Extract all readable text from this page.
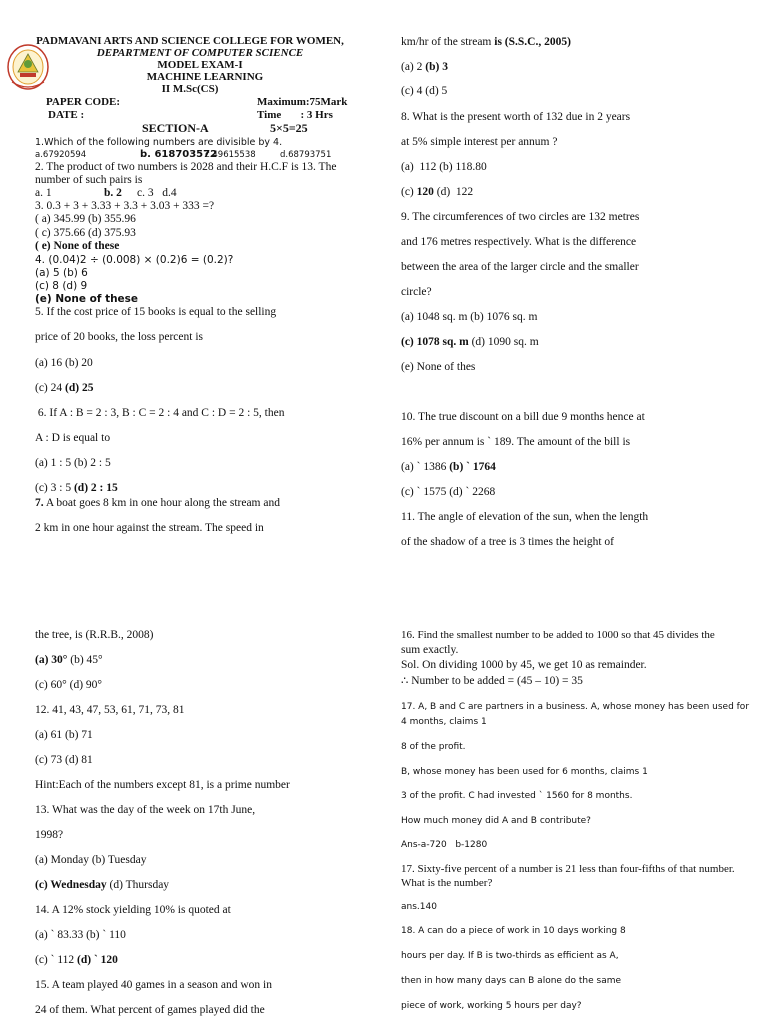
PADMAVANI ARTS AND SCIENCE COLLEGE FOR WOMEN,
DEPARTMENT OF COMPUTER SCIENCE
MODEL EXAM-I
MACHINE LEARNING
II M.Sc(CS)
PAPER CODE:	Maximum:75Mark
DATE :	Time       : 3 Hrs
SECTION-A	5×5=25
1.Which of the following numbers are divisible by 4.
a.67920594	b. 618703572
c.49615538	d.68793751
2. The product of two numbers is 2028 and their H.C.F is 13. The
number of such pairs is
a. 1	b. 2 c. 3   d.4
3. 0.3 + 3 + 3.33 + 3.3 + 3.03 + 333 =?
( a) 345.99 (b) 355.96
( c) 375.66 (d) 375.93
( e) None of these
4. (0.04)2 ÷ (0.008) × (0.2)6 = (0.2)?
(a) 5 (b) 6
(c) 8 (d) 9
(e) None of these
5. If the cost price of 15 books is equal to the selling
price of 20 books, the loss percent is
(a) 16 (b) 20
(c) 24 (d) 25
6. If A : B = 2 : 3, B : C = 2 : 4 and C : D = 2 : 5, then
A : D is equal to
(a) 1 : 5 (b) 2 : 5
(c) 3 : 5 (d) 2 : 15
7. A boat goes 8 km in one hour along the stream and
2 km in one hour against the stream. The speed in
km/hr of the stream is (S.S.C., 2005)
(a) 2 (b) 3
(c) 4 (d) 5
8. What is the present worth of 132 due in 2 years
at 5% simple interest per annum ?
(a)  112 (b) 118.80
(c) 120 (d)  122
9. The circumferences of two circles are 132 metres
and 176 metres respectively. What is the difference
between the area of the larger circle and the smaller
circle?
(a) 1048 sq. m (b) 1076 sq. m
(c) 1078 sq. m (d) 1090 sq. m
(e) None of thes
10. The true discount on a bill due 9 months hence at
16% per annum is ` 189. The amount of the bill is
(a) ` 1386 (b) ` 1764
(c) ` 1575 (d) ` 2268
11. The angle of elevation of the sun, when the length
of the shadow of a tree is 3 times the height of
the tree, is (R.R.B., 2008)
(a) 30° (b) 45°
(c) 60° (d) 90°
12. 41, 43, 47, 53, 61, 71, 73, 81
(a) 61 (b) 71
(c) 73 (d) 81
Hint:Each of the numbers except 81, is a prime number
13. What was the day of the week on 17th June,
1998?
(a) Monday (b) Tuesday
(c) Wednesday (d) Thursday
14. A 12% stock yielding 10% is quoted at
(a) ` 83.33 (b) ` 110
(c) ` 112 (d) ` 120
15. A team played 40 games in a season and won in
24 of them. What percent of games played did the
16. Find the smallest number to be added to 1000 so that 45 divides the
sum exactly.
Sol. On dividing 1000 by 45, we get 10 as remainder.
∴ Number to be added = (45 – 10) = 35
17. A, B and C are partners in a business. A, whose money has been used for
4 months, claims 1
8 of the profit.
B, whose money has been used for 6 months, claims 1
3 of the profit. C had invested ` 1560 for 8 months.
How much money did A and B contribute?
Ans-a-720   b-1280
17. Sixty-five percent of a number is 21 less than four-fifths of that number.
What is the number?
ans.140
18. A can do a piece of work in 10 days working 8
hours per day. If B is two-thirds as efficient as A,
then in how many days can B alone do the same
piece of work, working 5 hours per day?
